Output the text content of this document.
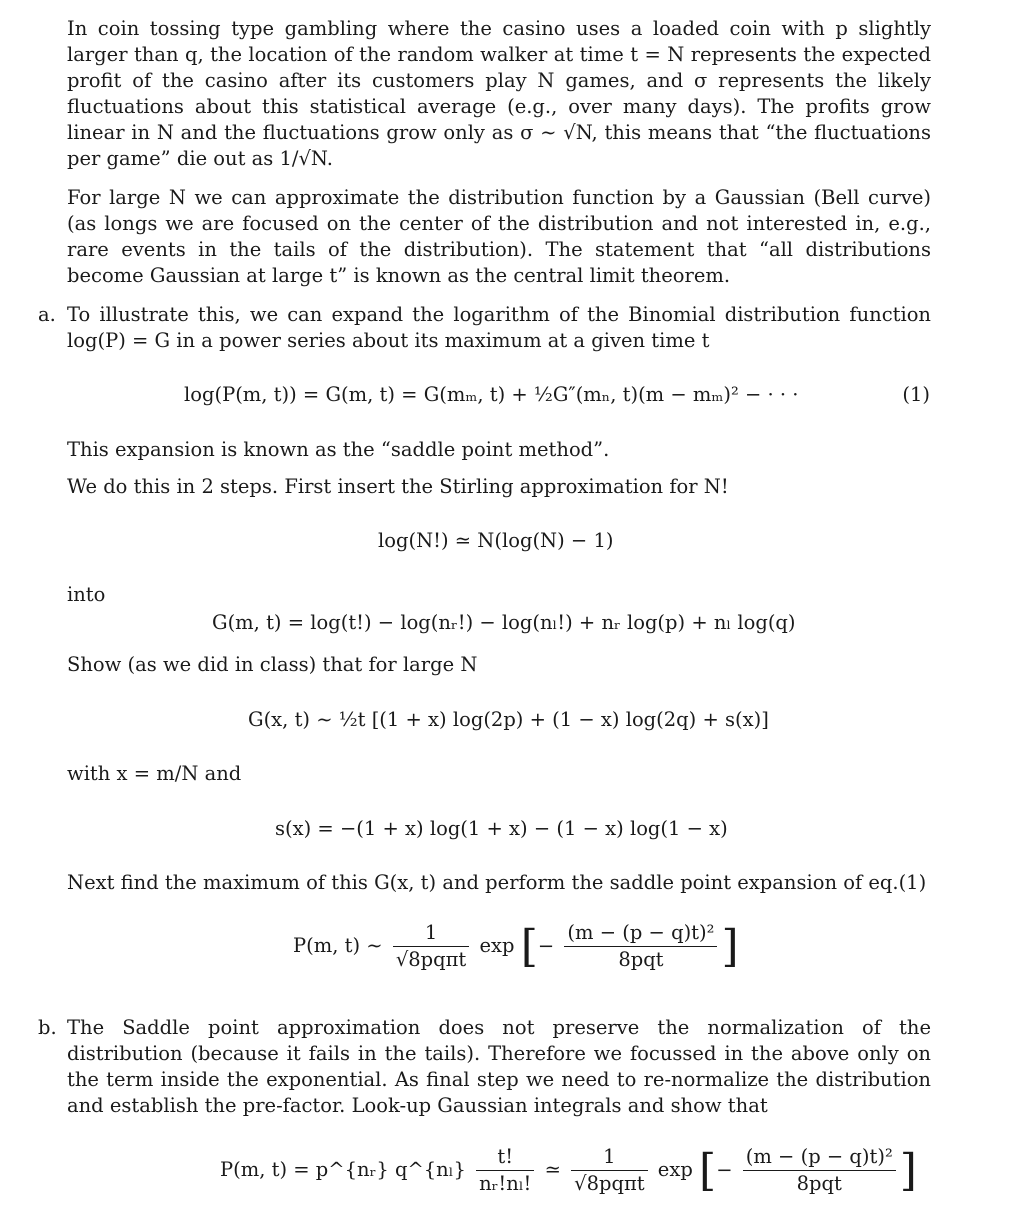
In coin tossing type gambling where the casino uses a loaded coin with p slightly larger than q, the location of the random walker at time t = N represents the expected profit of the casino after its customers play N games, and σ represents the likely fluctuations about this statistical average (e.g., over many days). The profits grow linear in N and the fluctuations grow only as σ ∼ √N, this means that “the fluctuations per game” die out as 1/√N.

For large N we can approximate the distribution function by a Gaussian (Bell curve) (as longs we are focused on the center of the distribution and not interested in, e.g., rare events in the tails of the distribution). The statement that “all distributions become Gaussian at large t” is known as the central limit theorem.

a. To illustrate this, we can expand the logarithm of the Binomial distribution function log(P) = G in a power series about its maximum at a given time t

log(P(m, t)) = G(m, t) = G(mₘ, t) + ½G″(mₙ, t)(m − mₘ)² − · · ·	(1)

This expansion is known as the “saddle point method”.

We do this in 2 steps. First insert the Stirling approximation for N!

log(N!) ≃ N(log(N) − 1)

into

G(m, t) = log(t!) − log(nᵣ!) − log(nₗ!) + nᵣ log(p) + nₗ log(q)

Show (as we did in class) that for large N

G(x, t) ∼ ½t [(1 + x) log(2p) + (1 − x) log(2q) + s(x)]

with x = m/N and

s(x) = −(1 + x) log(1 + x) − (1 − x) log(1 − x)

Next find the maximum of this G(x, t) and perform the saddle point expansion of eq.(1)

P(m, t) ∼ $\frac{1}{\text{√8pqπt}}$ exp [− $\frac{\text{(m − (p − q)t)²}}{\text{8pqt}}$ ]

b. The Saddle point approximation does not preserve the normalization of the distribution (because it fails in the tails). Therefore we focussed in the above only on the term inside the exponential. As final step we need to re-normalize the distribution and establish the pre-factor. Look-up Gaussian integrals and show that

P(m, t) = p^{nᵣ} q^{nₗ} $\frac{t!}{\text{nᵣ!nₗ!}}$ ≃ $\frac{1}{\text{√8pqπt}}$ exp [− $\frac{\text{(m − (p − q)t)²}}{\text{8pqt}}$ ]
